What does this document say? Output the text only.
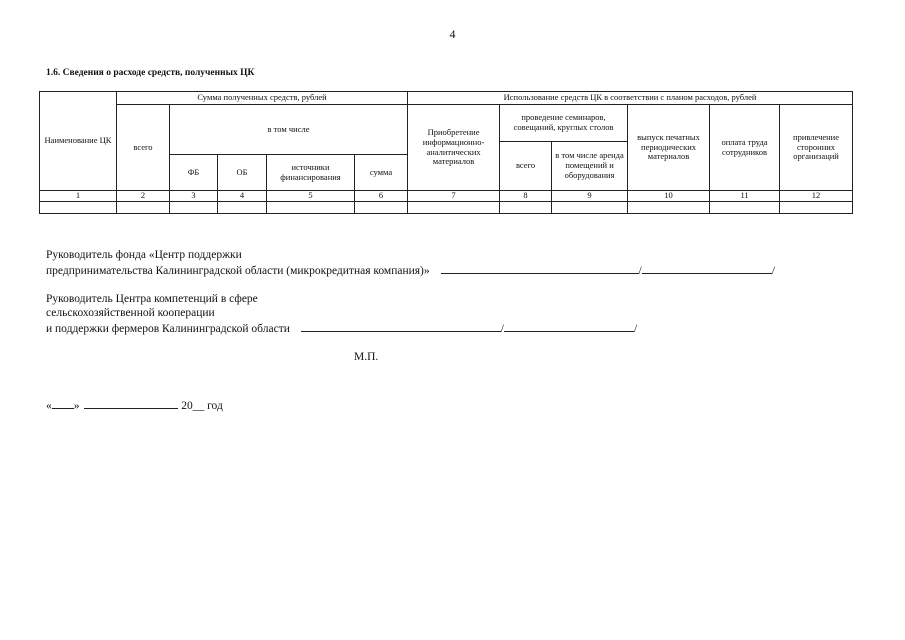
4
1.6. Сведения о расходе средств, полученных ЦК
Наименование ЦК	Сумма полученных средств, рублей					Использование средств ЦК в соответствии с планом расходов, рублей					
	всего	в том числе				Приобретение информационно-аналитических материалов	проведение семинаров, совещаний, круглых столов		выпуск печатных периодических материалов	оплата труда сотрудников	привлечение сторонних организаций
							всего	в том числе аренда помещений и оборудования			
		ФБ	ОБ	источники финансирования	сумма						
1	2	3	4	5	6	7	8	9	10	11	12

Руководитель фонда «Центр поддержки
предпринимательства Калининградской области (микрокредитная компания)»	/	/
Руководитель Центра компетенций в сфере
сельскохозяйственной кооперации
и поддержки фермеров Калининградской области	/	/
М.П.
« »	20__ год
